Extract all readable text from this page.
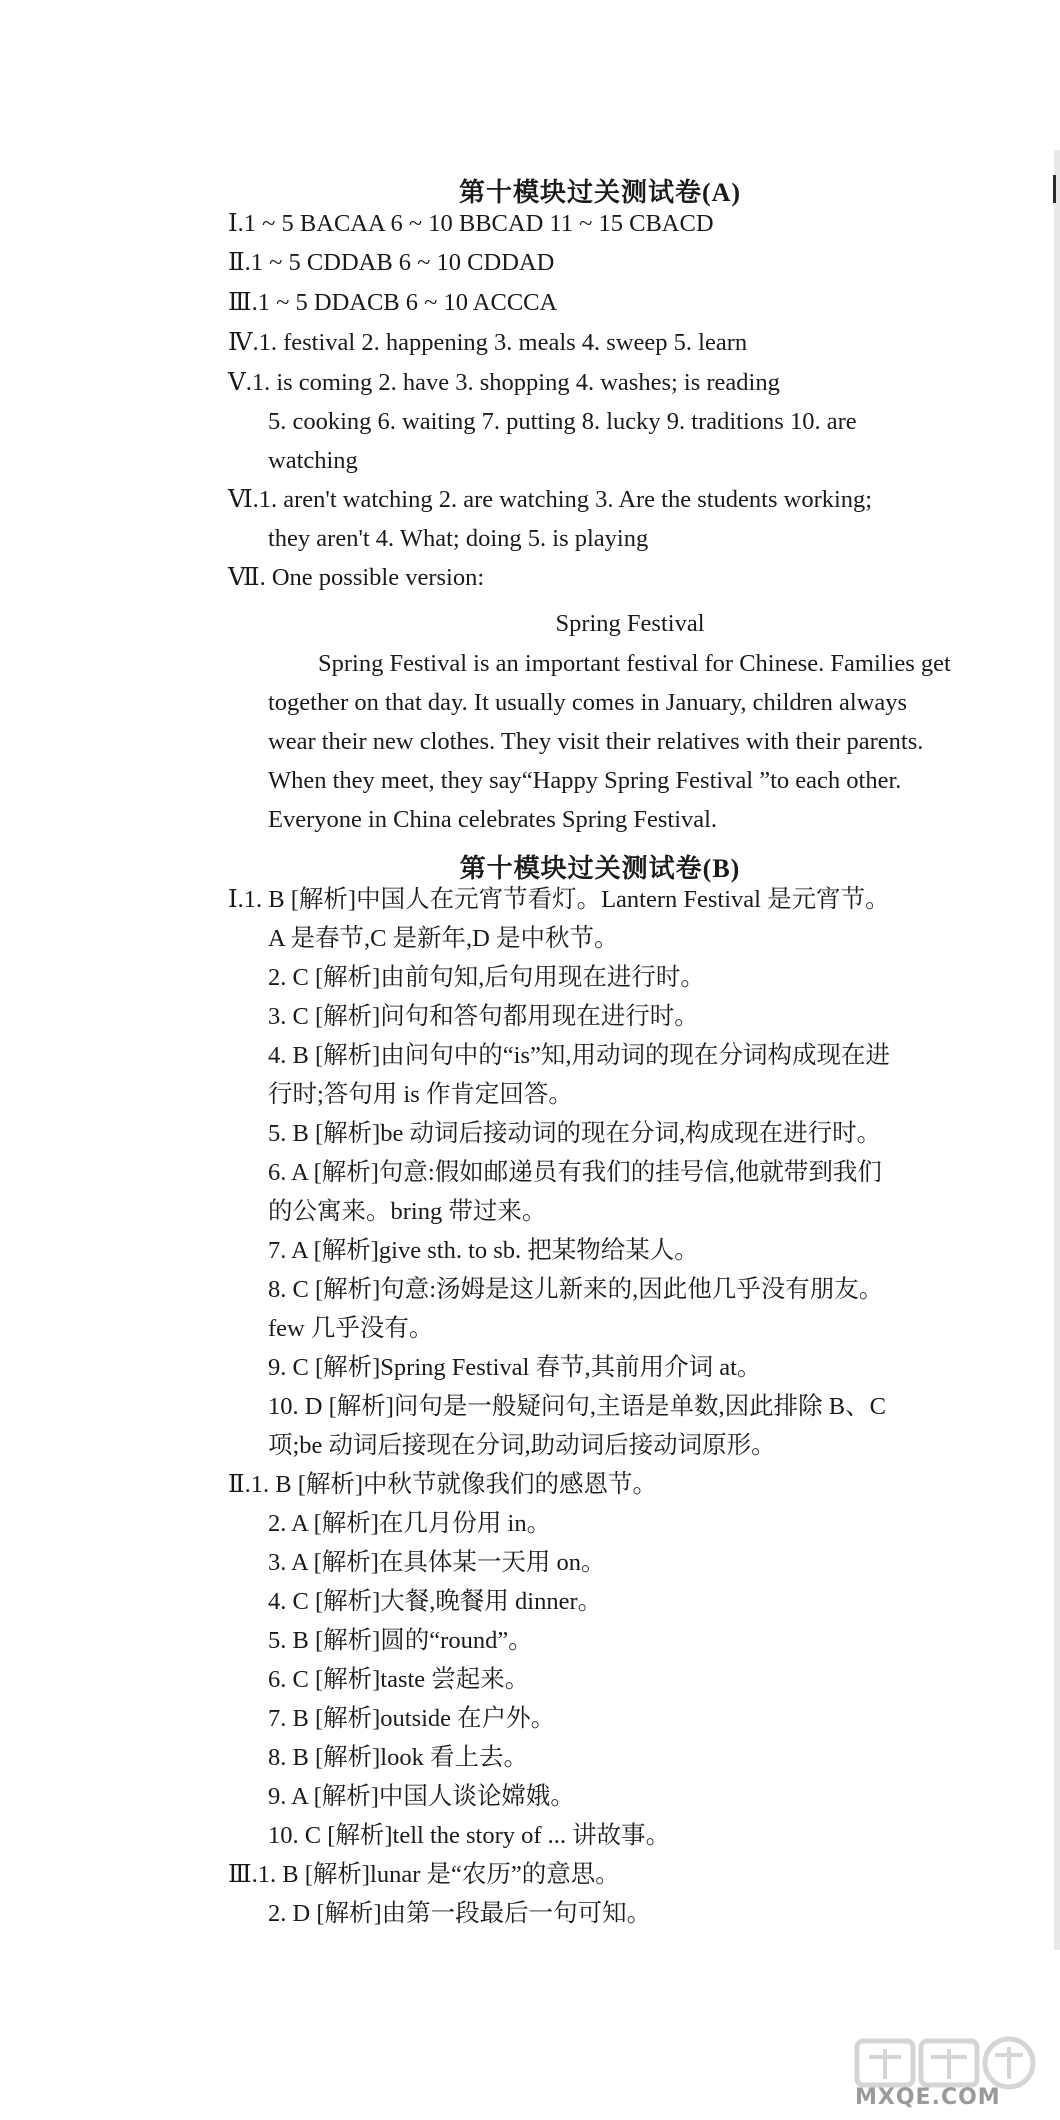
第十模块过关测试卷(A)
Ⅰ.1 ~ 5 BACAA 6 ~ 10 BBCAD 11 ~ 15 CBACD
Ⅱ.1 ~ 5 CDDAB 6 ~ 10 CDDAD
Ⅲ.1 ~ 5 DDACB 6 ~ 10 ACCCA
Ⅳ.1. festival 2. happening 3. meals 4. sweep 5. learn
Ⅴ.1. is coming 2. have 3. shopping 4. washes; is reading
5. cooking 6. waiting 7. putting 8. lucky 9. traditions 10. are
watching
Ⅵ.1. aren't watching 2. are watching 3. Are the students working;
they aren't 4. What; doing 5. is playing
Ⅶ. One possible version:
Spring Festival
Spring Festival is an important festival for Chinese. Families get
together on that day. It usually comes in January, children always
wear their new clothes. They visit their relatives with their parents.
When they meet, they say“Happy Spring Festival ”to each other.
Everyone in China celebrates Spring Festival.
第十模块过关测试卷(B)
Ⅰ.1. B [解析]中国人在元宵节看灯。Lantern Festival 是元宵节。
A 是春节,C 是新年,D 是中秋节。
2. C [解析]由前句知,后句用现在进行时。
3. C [解析]问句和答句都用现在进行时。
4. B [解析]由问句中的“is”知,用动词的现在分词构成现在进
行时;答句用 is 作肯定回答。
5. B [解析]be 动词后接动词的现在分词,构成现在进行时。
6. A [解析]句意:假如邮递员有我们的挂号信,他就带到我们
的公寓来。bring 带过来。
7. A [解析]give sth. to sb. 把某物给某人。
8. C [解析]句意:汤姆是这儿新来的,因此他几乎没有朋友。
few 几乎没有。
9. C [解析]Spring Festival 春节,其前用介词 at。
10. D [解析]问句是一般疑问句,主语是单数,因此排除 B、C
项;be 动词后接现在分词,助动词后接动词原形。
Ⅱ.1. B [解析]中秋节就像我们的感恩节。
2. A [解析]在几月份用 in。
3. A [解析]在具体某一天用 on。
4. C [解析]大餐,晚餐用 dinner。
5. B [解析]圆的“round”。
6. C [解析]taste 尝起来。
7. B [解析]outside 在户外。
8. B [解析]look 看上去。
9. A [解析]中国人谈论嫦娥。
10. C [解析]tell the story of ... 讲故事。
Ⅲ.1. B [解析]lunar 是“农历”的意思。
2. D [解析]由第一段最后一句可知。
MXQE.COM
